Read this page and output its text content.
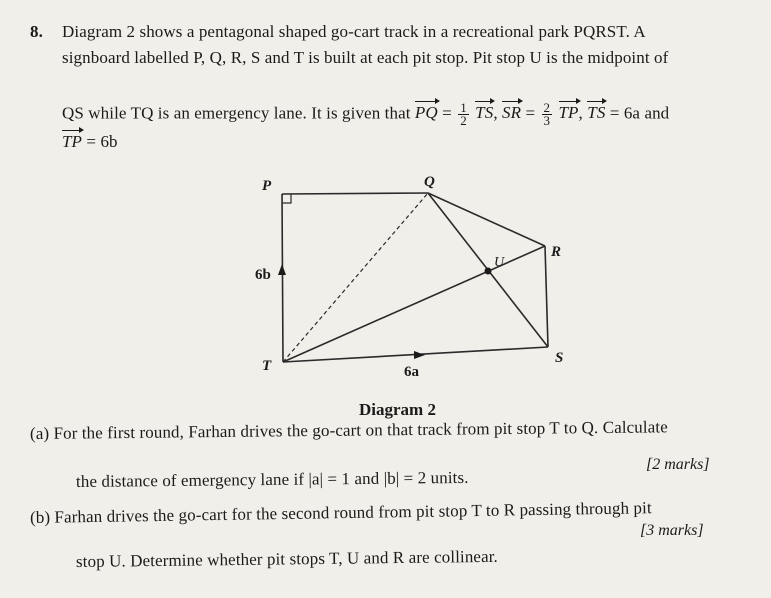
8. Diagram 2 shows a pentagonal shaped go-cart track in a recreational park PQRST. A
signboard labelled P, Q, R, S and T is built at each pit stop. Pit stop U is the midpoint of
QS while TQ is an emergency lane. It is given that PQ = $\frac{1}{2}$ TS, SR = $\frac{2}{3}$ TP, TS = 6a and
TP = 6b
P	Q
R
S
T
U
6b
6a
Diagram 2
(a) For the first round, Farhan drives the go-cart on that track from pit stop T to Q. Calculate
the distance of emergency lane if |a| = 1 and |b| = 2 units.
[2 marks]
(b) Farhan drives the go-cart for the second round from pit stop T to R passing through pit
stop U. Determine whether pit stops T, U and R are collinear.
[3 marks]
